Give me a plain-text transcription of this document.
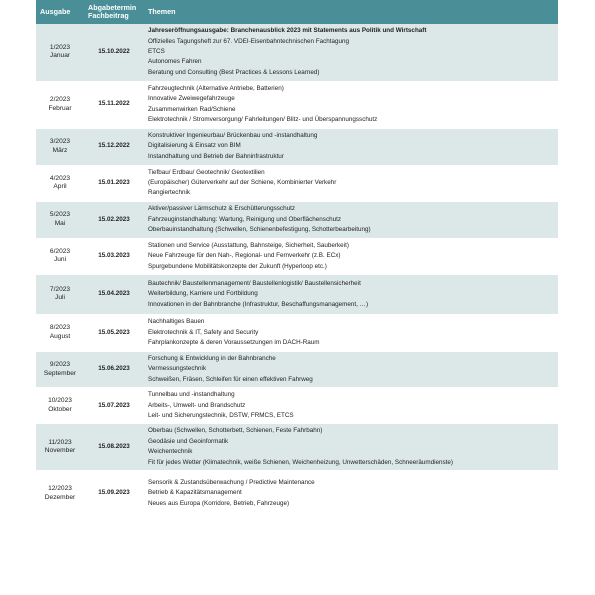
Ausgabe	Abgabetermin Fachbeitrag	Themen

1/2023
Januar	15.10.2022	Jahreseröffnungsausgabe: Branchenausblick 2023 mit Statements aus Politik und Wirtschaft
Offizielles Tagungsheft zur 67. VDEI-Eisenbahntechnischen Fachtagung
ETCS
Autonomes Fahren
Beratung und Consulting (Best Practices & Lessons Learned)

2/2023
Februar	15.11.2022	Fahrzeugtechnik (Alternative Antriebe, Batterien)
Innovative Zweiwegefahrzeuge
Zusammenwirken Rad/Schiene
Elektrotechnik / Stromversorgung/ Fahrleitungen/ Blitz- und Überspannungsschutz

3/2023
März	15.12.2022	Konstruktiver Ingenieurbau/ Brückenbau und -instandhaltung
Digitalisierung & Einsatz von BIM
Instandhaltung und Betrieb der Bahninfrastruktur

4/2023
April	15.01.2023	Tiefbau/ Erdbau/ Geotechnik/ Geotextilien
(Europäischer) Güterverkehr auf der Schiene, Kombinierter Verkehr
Rangiertechnik

5/2023
Mai	15.02.2023	Aktiver/passiver Lärmschutz & Erschütterungsschutz
Fahrzeuginstandhaltung: Wartung, Reinigung und Oberflächenschutz
Oberbauinstandhaltung (Schwellen, Schienenbefestigung, Schotterbearbeitung)

6/2023
Juni	15.03.2023	Stationen und Service (Ausstattung, Bahnsteige, Sicherheit, Sauberkeit)
Neue Fahrzeuge für den Nah-, Regional- und Fernverkehr (z.B. ECx)
Spurgebundene Mobilitätskonzepte der Zukunft (Hyperloop etc.)

7/2023
Juli	15.04.2023	Bautechnik/ Baustellenmanagement/ Baustellenlogistik/ Baustellensicherheit
Weiterbildung, Karriere und Fortbildung
Innovationen in der Bahnbranche (Infrastruktur, Beschaffungsmanagement, …)

8/2023
August	15.05.2023	Nachhaltiges Bauen
Elektrotechnik & IT, Safety and Security
Fahrplankonzepte & deren Voraussetzungen im DACH-Raum

9/2023
September	15.06.2023	Forschung & Entwicklung in der Bahnbranche
Vermessungstechnik
Schweißen, Fräsen, Schleifen für einen effektiven Fahrweg

10/2023
Oktober	15.07.2023	Tunnelbau und -instandhaltung
Arbeits-, Umwelt- und Brandschutz
Leit- und Sicherungstechnik, DSTW, FRMCS, ETCS

11/2023
November	15.08.2023	Oberbau (Schwellen, Schotterbett, Schienen, Feste Fahrbahn)
Geodäsie und Geoinformatik
Weichentechnik
Fit für jedes Wetter (Klimatechnik, weiße Schienen, Weichenheizung, Unwetterschäden, Schneeräumdienste)

12/2023
Dezember	15.09.2023	Sensorik & Zustandsüberwachung / Predictive Maintenance
Betrieb & Kapazitätsmanagement
Neues aus Europa (Korridore, Betrieb, Fahrzeuge)
